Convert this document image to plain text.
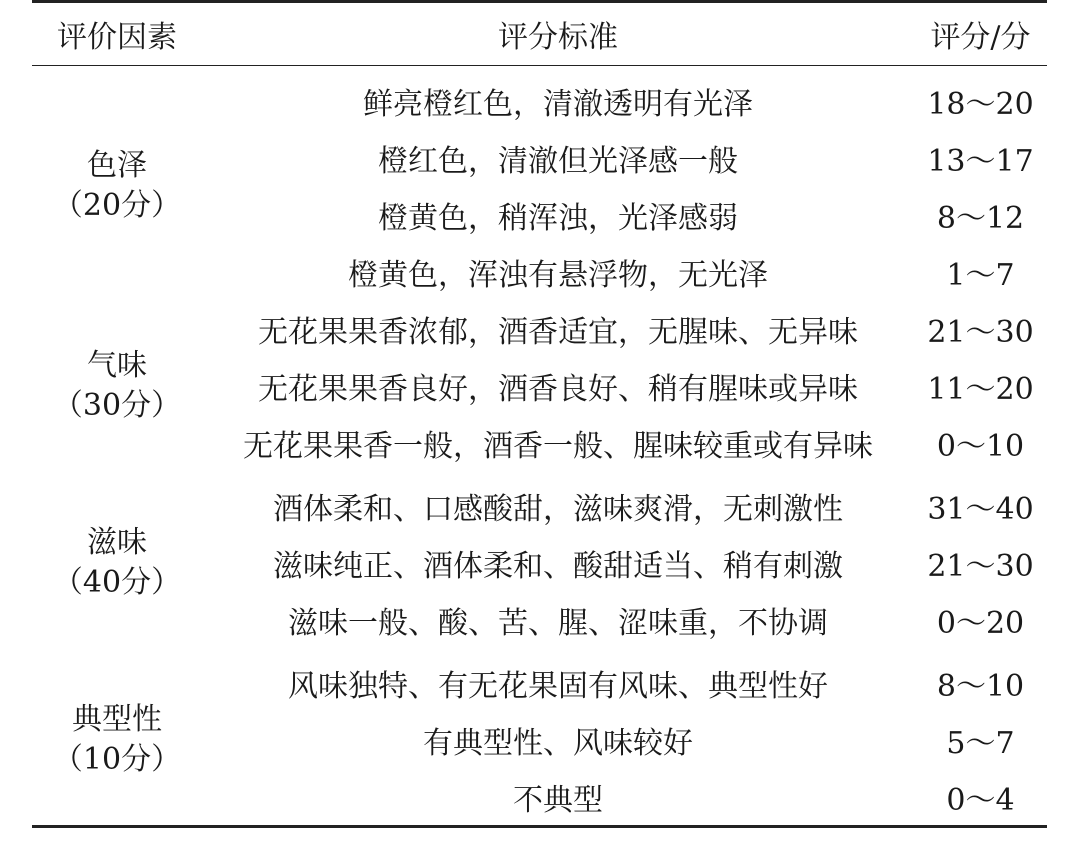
评价因素	评分标准	评分/分

色泽
（20分）	鲜亮橙红色，清澈透明有光泽	18～20
	橙红色，清澈但光泽感一般	13～17
	橙黄色，稍浑浊，光泽感弱	8～12
	橙黄色，浑浊有悬浮物，无光泽	1～7

气味
（30分）	无花果果香浓郁，酒香适宜，无腥味、无异味	21～30
	无花果果香良好，酒香良好、稍有腥味或异味	11～20
	无花果果香一般，酒香一般、腥味较重或有异味	0～10

滋味
（40分）	酒体柔和、口感酸甜，滋味爽滑，无刺激性	31～40
	滋味纯正、酒体柔和、酸甜适当、稍有刺激	21～30
	滋味一般、酸、苦、腥、涩味重，不协调	0～20

典型性
（10分）	风味独特、有无花果固有风味、典型性好	8～10
	有典型性、风味较好	5～7
	不典型	0～4
